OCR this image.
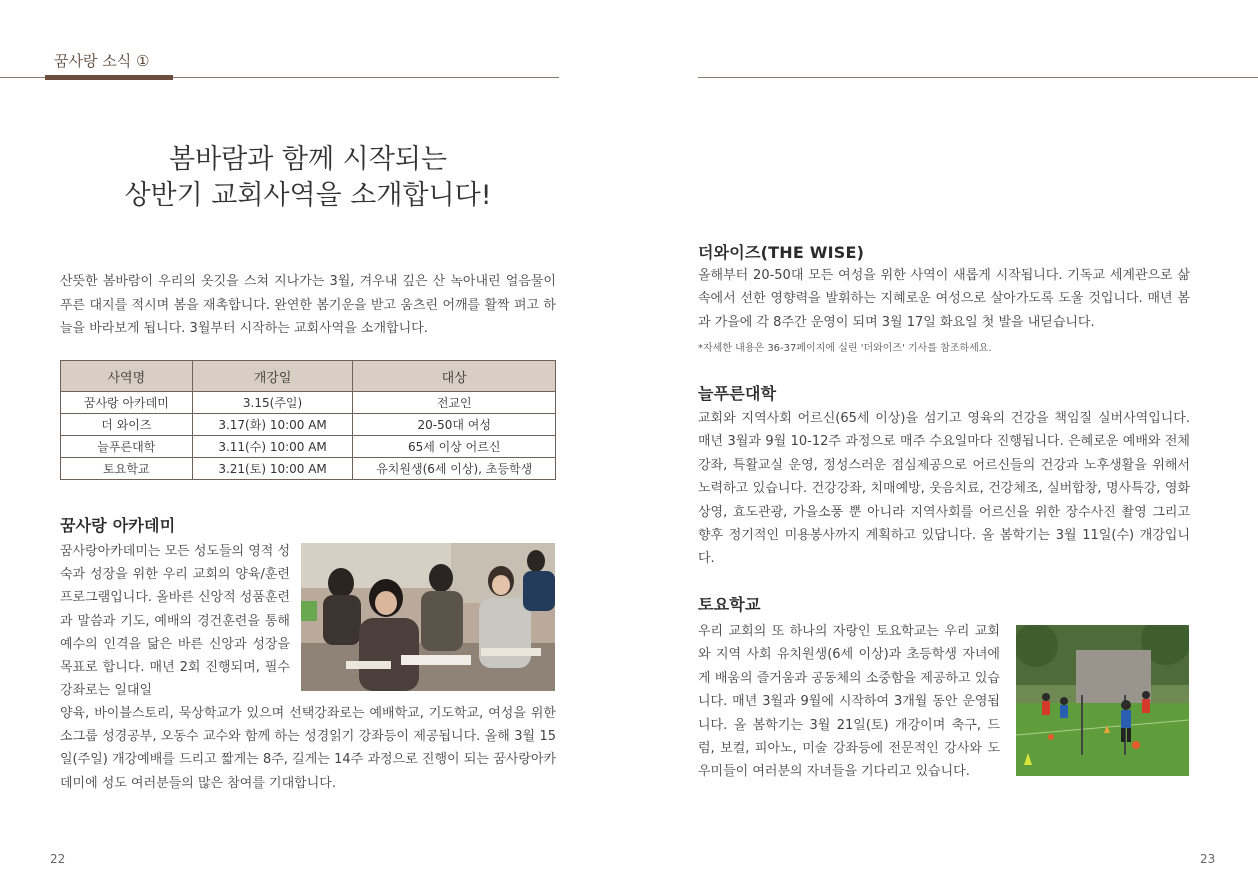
꿈사랑 소식 ①
봄바람과 함께 시작되는
상반기 교회사역을 소개합니다!

산뜻한 봄바람이 우리의 옷깃을 스쳐 지나가는 3월, 겨우내 깊은 산 녹아내린 얼음물이 푸른 대지를 적시며 봄을 재촉합니다. 완연한 봄기운을 받고 움츠린 어깨를 활짝 펴고 하늘을 바라보게 됩니다. 3월부터 시작하는 교회사역을 소개합니다.

사역명	개강일	대상
꿈사랑 아카데미	3.15(주일)	전교인
더 와이즈	3.17(화) 10:00 AM	20-50대 여성
늘푸른대학	3.11(수) 10:00 AM	65세 이상 어르신
토요학교	3.21(토) 10:00 AM	유치원생(6세 이상), 초등학생
꿈사랑 아카데미

꿈사랑아카데미는 모든 성도들의 영적 성숙과 성장을 위한 우리 교회의 양육/훈련 프로그램입니다. 올바른 신앙적 성품훈련과 말씀과 기도, 예배의 경건훈련을 통해 예수의 인격을 닮은 바른 신앙과 성장을 목표로 합니다. 매년 2회 진행되며, 필수강좌로는 일대일

양육, 바이블스토리, 묵상학교가 있으며 선택강좌로는 예배학교, 기도학교, 여성을 위한 소그룹 성경공부, 오동수 교수와 함께 하는 성경읽기 강좌등이 제공됩니다. 올해 3월 15일(주일) 개강예배를 드리고 짧게는 8주, 길게는 14주 과정으로 진행이 되는 꿈사랑아카데미에 성도 여러분들의 많은 참여를 기대합니다.

22
더와이즈(THE WISE)

올해부터 20-50대 모든 여성을 위한 사역이 새롭게 시작됩니다. 기독교 세계관으로 삶 속에서 선한 영향력을 발휘하는 지혜로운 여성으로 살아가도록 도울 것입니다. 매년 봄과 가을에 각 8주간 운영이 되며 3월 17일 화요일 첫 발을 내딛습니다.

*자세한 내용은 36-37페이지에 실린 '더와이즈' 기사를 참조하세요.
늘푸른대학

교회와 지역사회 어르신(65세 이상)을 섬기고 영육의 건강을 책임질 실버사역입니다. 매년 3월과 9월 10-12주 과정으로 매주 수요일마다 진행됩니다. 은혜로운 예배와 전체 강좌, 특활교실 운영, 정성스러운 점심제공으로 어르신들의 건강과 노후생활을 위해서 노력하고 있습니다. 건강강좌, 치매예방, 웃음치료, 건강체조, 실버합창, 명사특강, 영화상영, 효도관광, 가을소풍 뿐 아니라 지역사회를 어르신을 위한 장수사진 촬영 그리고 향후 정기적인 미용봉사까지 계획하고 있답니다. 올 봄학기는 3월 11일(수) 개강입니다.

토요학교

우리 교회의 또 하나의 자랑인 토요학교는 우리 교회와 지역 사회 유치원생(6세 이상)과 초등학생 자녀에게 배움의 즐거움과 공동체의 소중함을 제공하고 있습니다. 매년 3월과 9월에 시작하여 3개월 동안 운영됩니다. 올 봄학기는 3월 21일(토) 개강이며 축구, 드럼, 보컬, 피아노, 미술 강좌등에 전문적인 강사와 도우미들이 여러분의 자녀들을 기다리고 있습니다.

23
